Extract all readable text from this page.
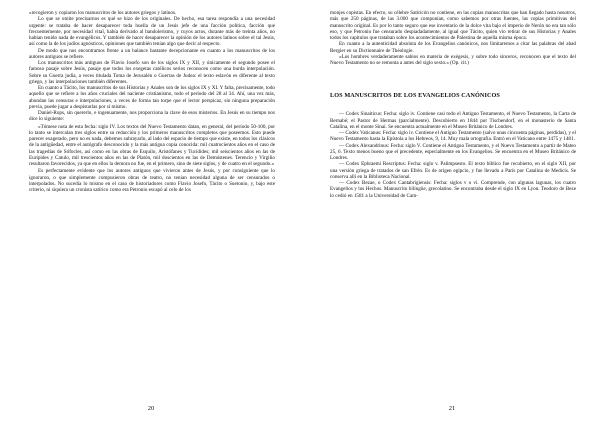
«recogieron y copiaron los manuscritos de los autores griegos y latinos.

Lo que se omite precisarnos es qué se hizo de los originales. De hecho, esa tarea respondía a una necesidad urgente: se trataba de hacer desaparecer toda huella de un Jesús jefe de una facción política, facción que frecuentemente, por necesidad vital, había derivado al bandolerismo, y cuyos actos, durante más de treinta años, no habían tenido nada de evangélicos. Y también de hacer desaparecer la opinión de los autores latinos sobre el tal Jesús, así como la de los judíos agnósticos, opiniones que también tenían algo que decir al respecto.

De modo que nos encontramos frente a un balance bastante decepcionante en cuanto a los manuscritos de los autores antiguos se refiere.

Los manuscritos más antiguos de Flavio Josefo son de los siglos IX y XII, y únicamente el segundo posee el famoso pasaje sobre Jesús, pasaje que todos los exegetas católicos serios reconocen como una burda interpolación. Sobre su Guerra judía, a veces titulada Toma de Jerusalén o Guerras de Judea: el texto eslavón es diferente al texto griego, y las interpolaciones también diferentes.

En cuanto a Tácito, los manuscritos de sus Historias y Anales son de los siglos IX y XI. Y falta, precisamente, todo aquello que se refiere a los años cruciales del naciente cristianismo, todo el período del 28 al 34. Ahí, una vez más, abundan las censuras e interpolaciones, a veces de forma tan torpe que el lector perspicaz, sin ninguna preparación previa, puede jugar a despistarlas por sí mismo.

Daniel-Rops, sin quererlo, e ingenuamente, nos proporciona la clave de esos misterios. En Jesús en su tiempo nos dice lo siguiente:

«Tómese nota de esta fecha: siglo IV. Los textos del Nuevo Testamento datan, en general, del período 50-100, por lo tanto se intercalan tres siglos entre su redacción y los primeros manuscritos completos que poseemos. Esto puede parecer exagerado, pero no es nada, debemos subrayarlo, al lado del espacio de tiempo que existe, en todos los clásicos de la antigüedad, entre el autógrafo desconocido y la más antigua copia conocida: mil cuatrocientos años en el caso de las tragedias de Sófocles, así como en las obras de Esquilo, Aristófanes y Tucídides; mil seiscientos años en las de Eurípides y Catulo, mil trescientos años en las de Platón, mil doscientos en las de Demóstenes. Terencio y Virgilio resultaron favorecidos, ya que en ellos la demora no fue, en el primero, sino de siete siglos, y de cuatro en el segundo.»

Es perfectamente evidente que los autores antiguos que vivieron antes de Jesús, y por consiguiente que lo ignoraron, o que simplemente compusieron obras de teatro, no tenían necesidad alguna de ser censurados o interpolados. No sucedía lo mismo en el caso de historiadores como Flavio Josefo, Tácito o Suetonio, y, bajo este criterio, ni siquiera un cronista satírico como era Petronio escapó al celo de los

20

monjes copistas. En efecto, su célebre Satiricón no contiene, en las copias manuscritas que han llegado hasta nosotros, más que 250 páginas, de las 3.000 que componían, como sabemos por otras fuentes, las copias primitivas del manuscrito original. Es por lo tanto seguro que ese inventario de la dolce vita bajo el imperio de Nerón no era tan sólo eso, y que Petronio fue censurado despiadadamente, al igual que Tácito, quien vio retirar de sus Historias y Anales todos los capítulos que trataban sobre los acontecimientos de Palestina de aquella misma época.

En cuanto a la autenticidad absoluta de los Evangelios canónicos, nos limitaremos a citar las palabras del abad Bergier en su Dictionnaire de Théologie.

«Los hombres verdaderamente sabios en materia de exégesis, y sobre todo sinceros, reconocen que el texto del Nuevo Testamento no se remonta a antes del siglo sexto.» (Op. cit.)

LOS MANUSCRITOS DE LOS EVANGELIOS CANÓNICOS

— Codex Sinaiticus: Fecha: siglo iv. Contiene casi todo el Antiguo Testamento, el Nuevo Testamento, la Carta de Bernabé; el Pastor de Hermas (parcialmente). Descubierto en 1844 por Tischendorf, en el monasterio de Santa Catalina, en el monte Sinaí. Se encuentra actualmente en el Museo Británico de Londres.

— Codex Vaticanus: Fecha: siglo iv. Contiene el Antiguo Testamento (salvo unas cincuenta páginas, perdidas), y el Nuevo Testamento hasta la Epístola a los Hebreos, 9, 14. Muy mala ortografía. Entró en el Vaticano entre 1475 y 1481.

— Codex Alexandrinus: Fecha: siglo V. Contiene el Antiguo Testamento, y el Nuevo Testamento a partir de Mateo 25, 6. Texto menos bueno que el precedente, especialmente en los Evangelios. Se encuentra en el Museo Británico de Londres.

— Codex Ephraemi Rescriptus: Fecha: siglo v. Palimpsesto. El texto bíblico fue recubierto, en el siglo XII, por una versión griega de tratados de san Efrén. Es de origen egipcio, y fue llevado a París por Catalina de Medicis. Se conserva allí en la Biblioteca Nacional.

— Codex Bezae, o Codex Cantabrigiensis: Fecha: siglos v o vi. Comprende, con algunas lagunas, los cuatro Evangelios y los Hechos. Manuscrito bilingüe, grecolatino. Se encontraba desde el siglo IX en Lyon. Teodoro de Beze lo cedió en 1581 a la Universidad de Cam-

21
